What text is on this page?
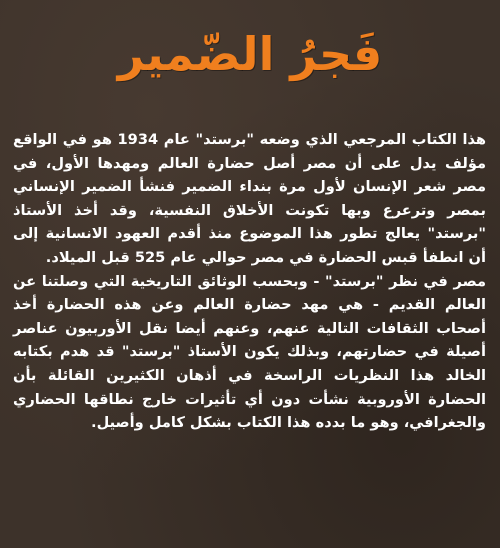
فَجرُ الضّمير

هذا الكتاب المرجعي الذي وضعه "برستد" عام 1934 هو في الواقع مؤلف يدل على أن مصر أصل حضارة العالم ومهدها الأول، في مصر شعر الإنسان لأول مرة بنداء الضمير فنشأ الضمير الإنساني بمصر وترعرع وبها تكونت الأخلاق النفسية، وقد أخذ الأستاذ "برستد" يعالج تطور هذا الموضوع منذ أقدم العهود الانسانية إلى أن انطفأ قبس الحضارة في مصر حوالي عام 525 قبل الميلاد.

مصر في نظر "برستد" - وبحسب الوثائق التاريخية التي وصلتنا عن العالم القديم - هي مهد حضارة العالم وعن هذه الحضارة أخذ أصحاب الثقافات التالية عنهم، وعنهم أيضا نقل الأوربيون عناصر أصيلة في حضارتهم، وبذلك يكون الأستاذ "برستد" قد هدم بكتابه الخالد هذا النظريات الراسخة في أذهان الكثيرين القائلة بأن الحضارة الأوروبية نشأت دون أي تأثيرات خارج نطاقها الحضاري والجغرافي، وهو ما بدده هذا الكتاب بشكل كامل وأصيل.
